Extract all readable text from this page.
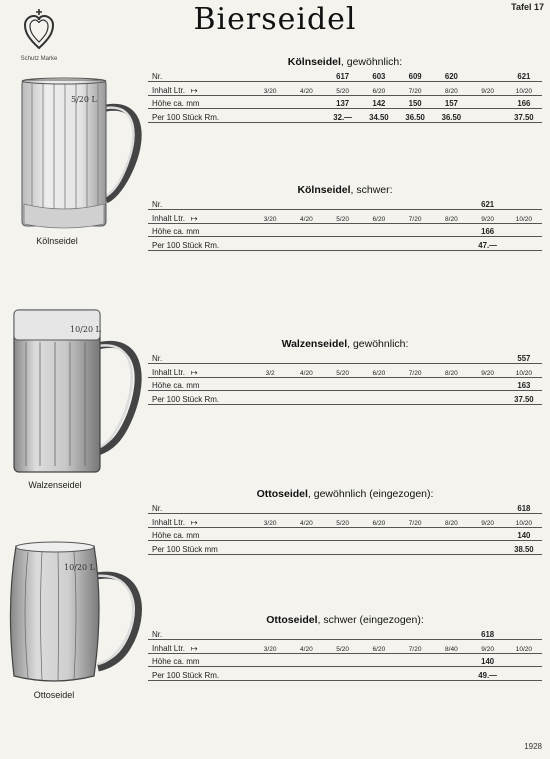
Schutz Marke
Bierseidel	Tafel 17
5/20 L
Kölnseidel
10/20 L
Walzenseidel
10/20 L
Ottoseidel
Kölnseidel, gewöhnlich:
Nr.			617	603	609	620		621
Inhalt Ltr. ↦	3/20	4/20	5/20	6/20	7/20	8/20	9/20	10/20
Höhe ca. mm			137	142	150	157		166
Per 100 Stück Rm.			32.—	34.50	36.50	36.50		37.50
Kölnseidel, schwer:
Nr.							621	
Inhalt Ltr. ↦	3/20	4/20	5/20	6/20	7/20	8/20	9/20	10/20
Höhe ca. mm							166	
Per 100 Stück Rm.							47.—	
Walzenseidel, gewöhnlich:
Nr.								557
Inhalt Ltr. ↦	3/2	4/20	5/20	6/20	7/20	8/20	9/20	10/20
Höhe ca. mm								163
Per 100 Stück Rm.								37.50
Ottoseidel, gewöhnlich (eingezogen):
Nr.								618
Inhalt Ltr. ↦	3/20	4/20	5/20	6/20	7/20	8/20	9/20	10/20
Höhe ca. mm								140
Per 100 Stück mm								38.50
Ottoseidel, schwer (eingezogen):
Nr.							618	
Inhalt Ltr. ↦	3/20	4/20	5/20	6/20	7/20	8/40	9/20	10/20
Höhe ca. mm							140	
Per 100 Stück Rm.							49.—	
1928
